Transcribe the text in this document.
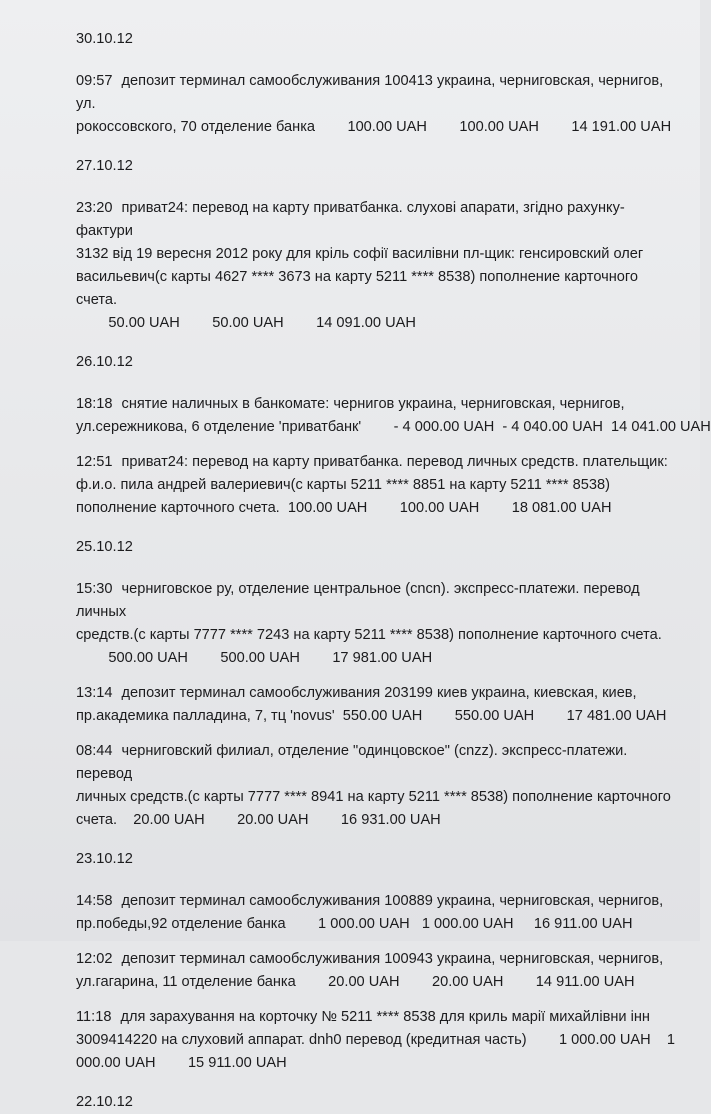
30.10.12

09:57 депозит терминал самообслуживания 100413 украина, черниговская, чернигов, ул.
рокоссовского, 70 отделение банка        100.00 UAH        100.00 UAH        14 191.00 UAH

27.10.12

23:20 приват24: перевод на карту приватбанка. слухові апарати, згідно рахунку-фактури
3132 від 19 вересня 2012 року для кріль софії василівни пл-щик: генсировский олег
васильевич(с карты 4627 **** 3673 на карту 5211 **** 8538) пополнение карточного счета.
50.00 UAH        50.00 UAH        14 091.00 UAH

26.10.12

18:18 снятие наличных в банкомате: чернигов украина, черниговская, чернигов,
ул.сережникова, 6 отделение 'приватбанк'        - 4 000.00 UAH  - 4 040.00 UAH  14 041.00 UAH
12:51 приват24: перевод на карту приватбанка. перевод личных средств. плательщик:
ф.и.о. пила андрей валериевич(с карты 5211 **** 8851 на карту 5211 **** 8538)
пополнение карточного счета.  100.00 UAH        100.00 UAH        18 081.00 UAH

25.10.12

15:30 черниговское ру, отделение центральное (cncn). экспресс-платежи. перевод личных
средств.(с карты 7777 **** 7243 на карту 5211 **** 8538) пополнение карточного счета.
500.00 UAH        500.00 UAH        17 981.00 UAH
13:14 депозит терминал самообслуживания 203199 киев украина, киевская, киев,
пр.академика палладина, 7, тц 'novus'  550.00 UAH        550.00 UAH        17 481.00 UAH
08:44 черниговский филиал, отделение "одинцовское" (cnzz). экспресс-платежи. перевод
личных средств.(с карты 7777 **** 8941 на карту 5211 **** 8538) пополнение карточного
счета.    20.00 UAH        20.00 UAH        16 931.00 UAH

23.10.12

14:58 депозит терминал самообслуживания 100889 украина, черниговская, чернигов,
пр.победы,92 отделение банка        1 000.00 UAH   1 000.00 UAH     16 911.00 UAH
12:02 депозит терминал самообслуживания 100943 украина, черниговская, чернигов,
ул.гагарина, 11 отделение банка        20.00 UAH        20.00 UAH        14 911.00 UAH
11:18 для зарахування на корточку № 5211 **** 8538 для криль марії михайлівни інн
3009414220 на слуховий аппарат. dnh0 перевод (кредитная часть)        1 000.00 UAH    1
000.00 UAH        15 911.00 UAH

22.10.12
